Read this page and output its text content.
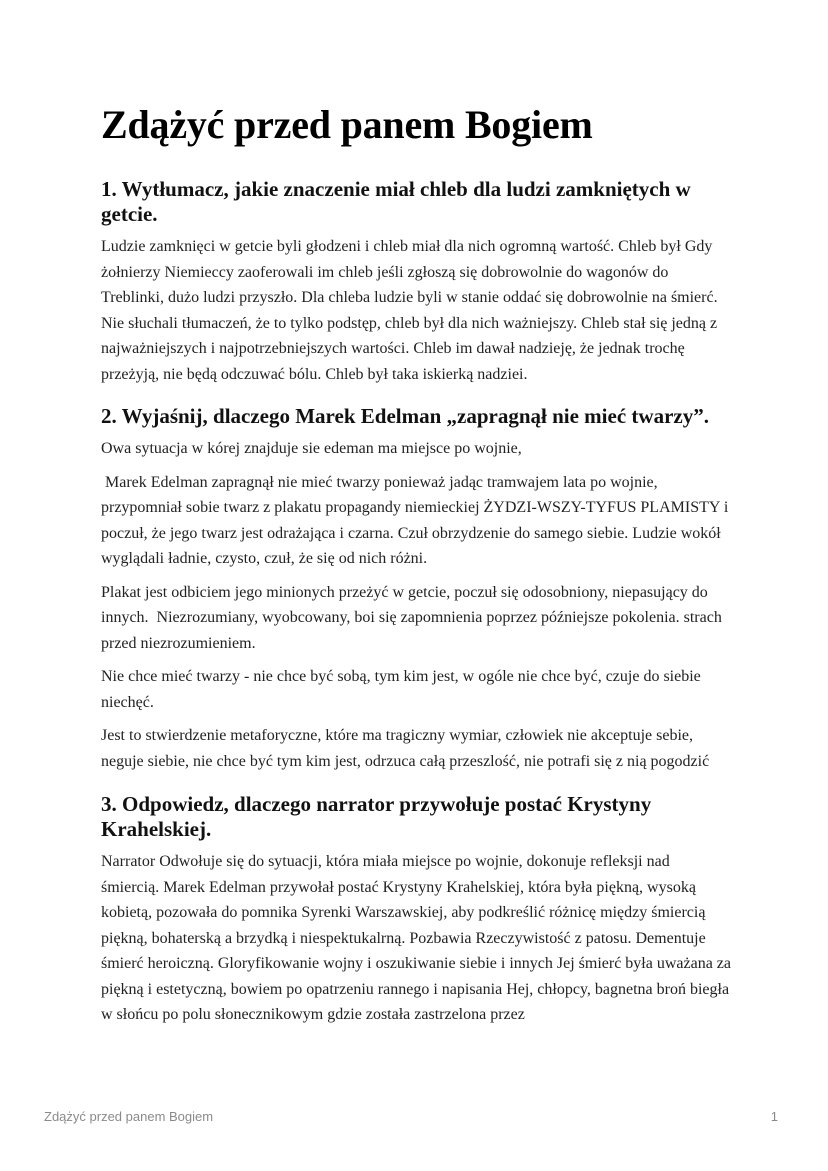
Zdążyć przed panem Bogiem
1. Wytłumacz, jakie znaczenie miał chleb dla ludzi zamkniętych w getcie.

Ludzie zamknięci w getcie byli głodzeni i chleb miał dla nich ogromną wartość. Chleb był Gdy żołnierzy Niemieccy zaoferowali im chleb jeśli zgłoszą się dobrowolnie do wagonów do Treblinki, dużo ludzi przyszło. Dla chleba ludzie byli w stanie oddać się dobrowolnie na śmierć. Nie słuchali tłumaczeń, że to tylko podstęp, chleb był dla nich ważniejszy. Chleb stał się jedną z najważniejszych i najpotrzebniejszych wartości. Chleb im dawał nadzieję, że jednak trochę przeżyją, nie będą odczuwać bólu. Chleb był taka iskierką nadziei.

2. Wyjaśnij, dlaczego Marek Edelman „zapragnął nie mieć twarzy”.

Owa sytuacja w kórej znajduje sie edeman ma miejsce po wojnie,

Marek Edelman zapragnął nie mieć twarzy ponieważ jadąc tramwajem lata po wojnie, przypomniał sobie twarz z plakatu propagandy niemieckiej ŻYDZI-WSZY-TYFUS PLAMISTY i poczuł, że jego twarz jest odrażająca i czarna. Czuł obrzydzenie do samego siebie. Ludzie wokół wyglądali ładnie, czysto, czuł, że się od nich różni.

Plakat jest odbiciem jego minionych przeżyć w getcie, poczuł się odosobniony, niepasujący do innych.  Niezrozumiany, wyobcowany, boi się zapomnienia poprzez późniejsze pokolenia. strach przed niezrozumieniem.

Nie chce mieć twarzy - nie chce być sobą, tym kim jest, w ogóle nie chce być, czuje do siebie niechęć.

Jest to stwierdzenie metaforyczne, które ma tragiczny wymiar, człowiek nie akceptuje sebie, neguje siebie, nie chce być tym kim jest, odrzuca całą przeszlość, nie potrafi się z nią pogodzić

3. Odpowiedz, dlaczego narrator przywołuje postać Krystyny Krahelskiej.

Narrator Odwołuje się do sytuacji, która miała miejsce po wojnie, dokonuje refleksji nad śmiercią. Marek Edelman przywołał postać Krystyny Krahelskiej, która była piękną, wysoką kobietą, pozowała do pomnika Syrenki Warszawskiej, aby podkreślić różnicę między śmiercią piękną, bohaterską a brzydką i niespektukalrną. Pozbawia Rzeczywistość z patosu. Dementuje śmierć heroiczną. Gloryfikowanie wojny i oszukiwanie siebie i innych Jej śmierć była uważana za piękną i estetyczną, bowiem po opatrzeniu rannego i napisania Hej, chłopcy, bagnetna broń biegła w słońcu po polu słonecznikowym gdzie została zastrzelona przez

Zdążyć przed panem Bogiem	1
